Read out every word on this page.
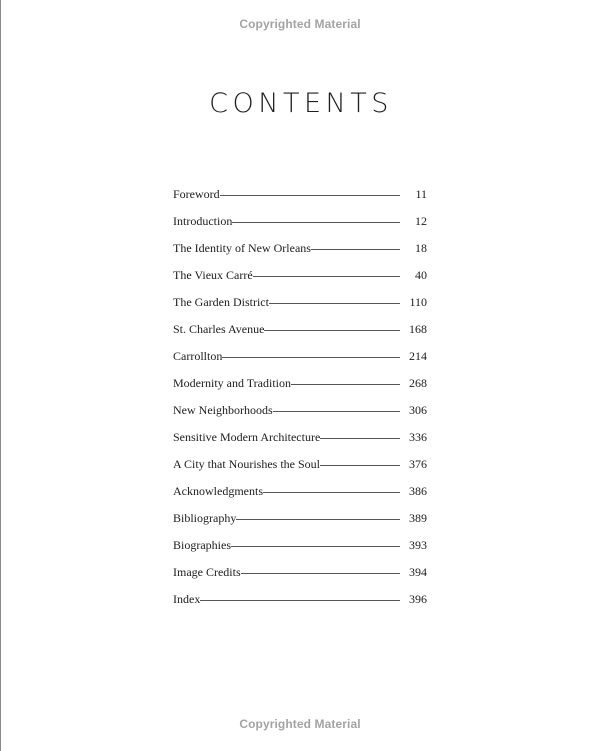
Copyrighted Material
CONTENTS
Foreword	11
Introduction	12
The Identity of New Orleans	18
The Vieux Carré	40
The Garden District	110
St. Charles Avenue	168
Carrollton	214
Modernity and Tradition	268
New Neighborhoods	306
Sensitive Modern Architecture	336
A City that Nourishes the Soul	376
Acknowledgments	386
Bibliography	389
Biographies	393
Image Credits	394
Index	396
Copyrighted Material
